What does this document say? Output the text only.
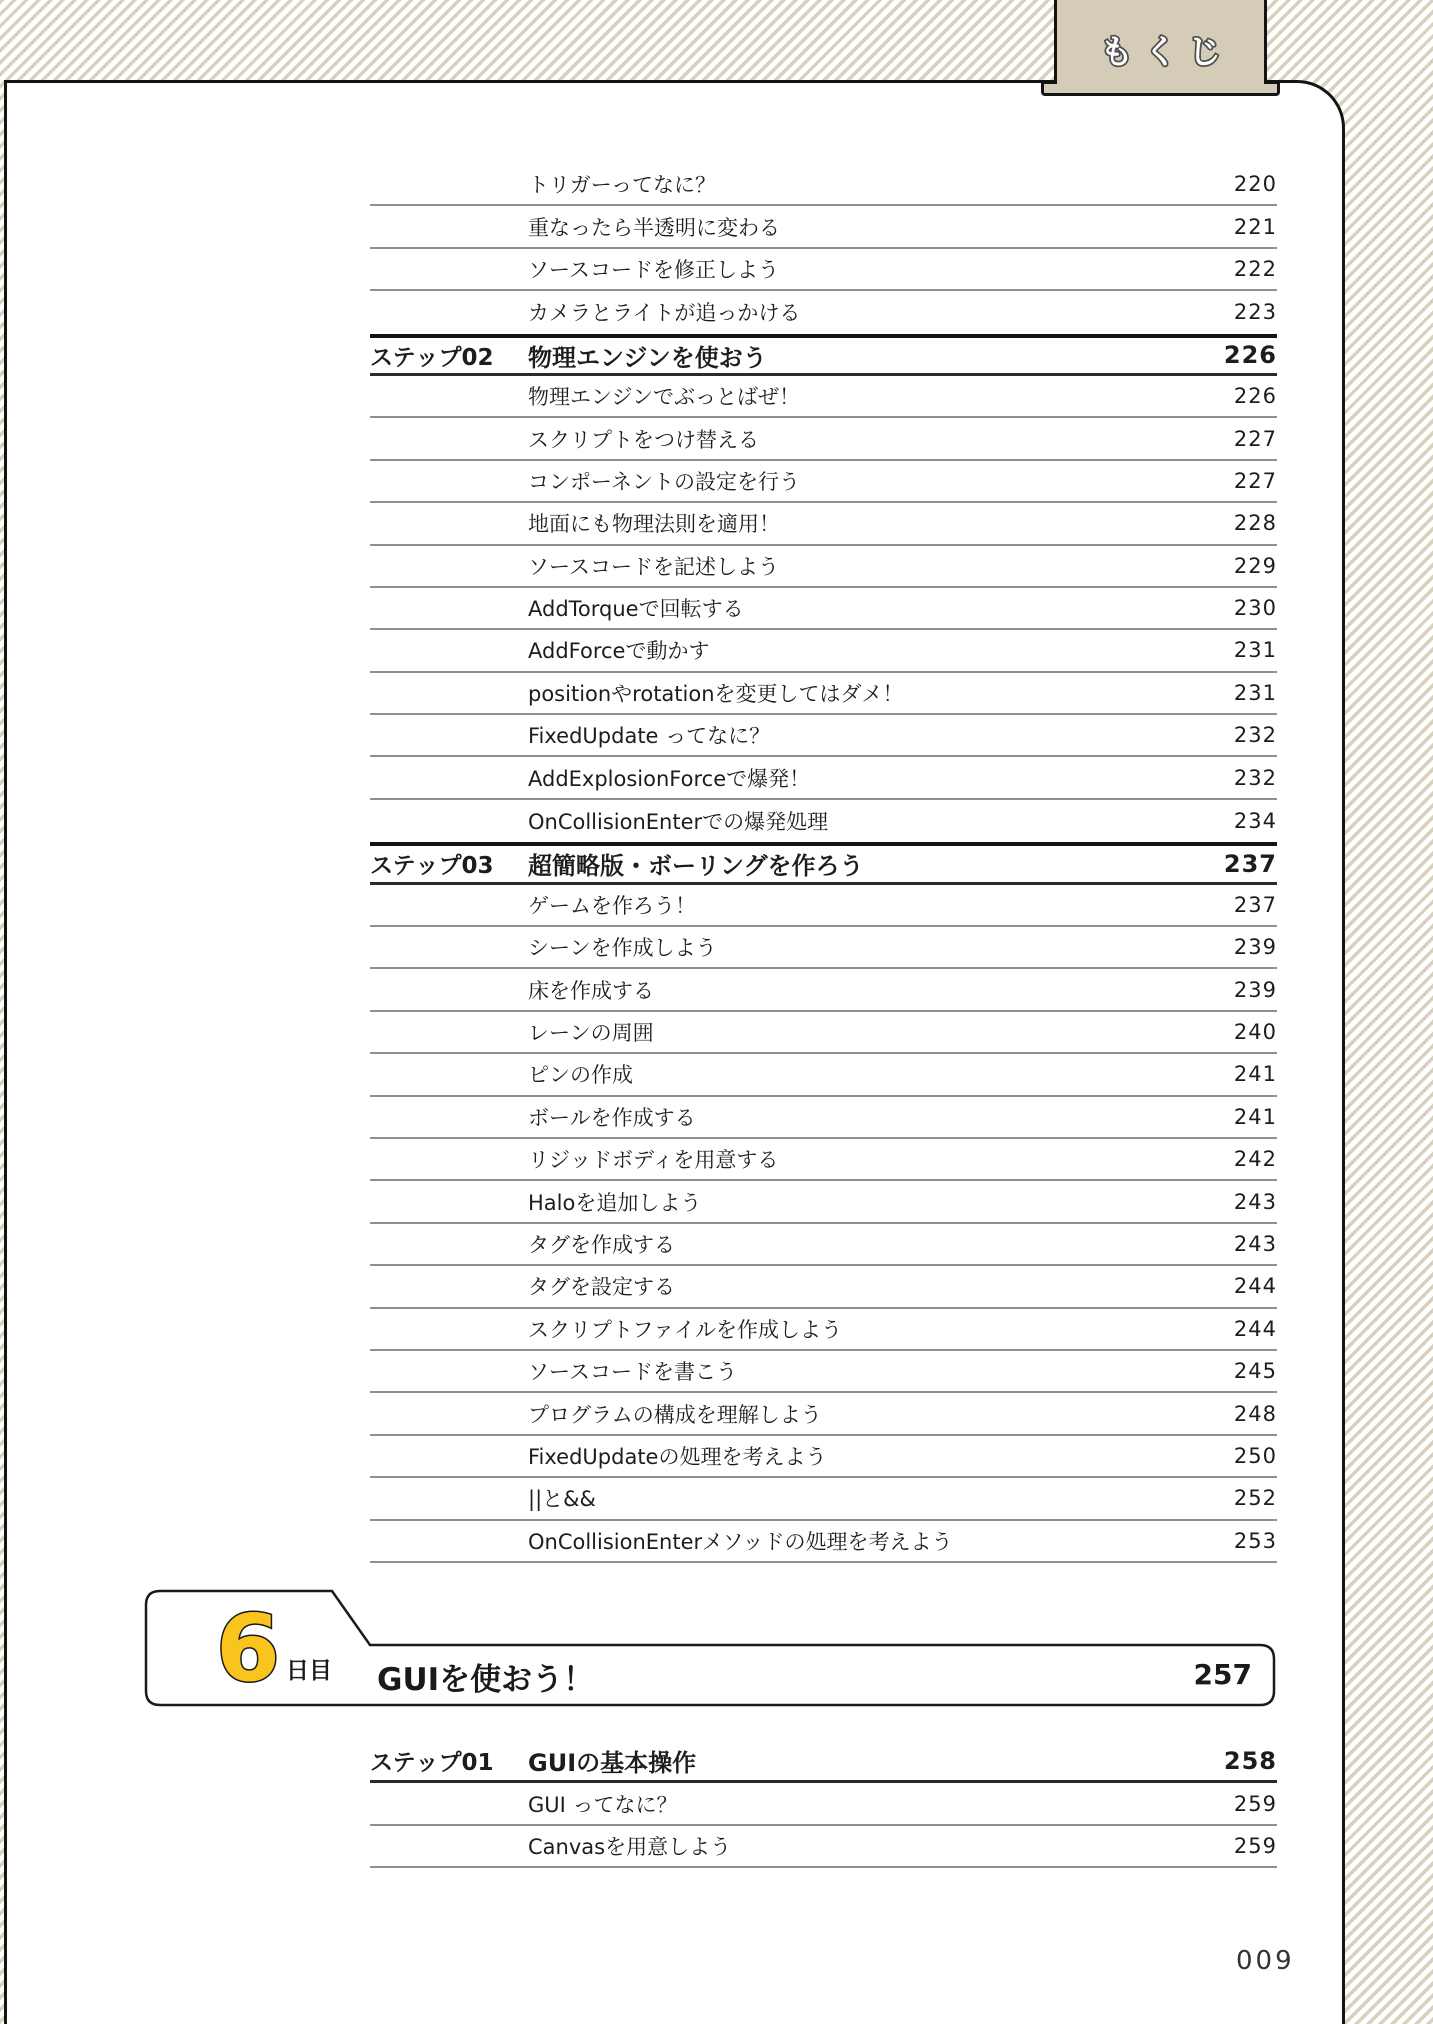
もくじ
トリガーってなに？	220
重なったら半透明に変わる	221
ソースコードを修正しよう	222
カメラとライトが追っかける	223
ステップ02	物理エンジンを使おう	226
物理エンジンでぶっとばぜ！	226
スクリプトをつけ替える	227
コンポーネントの設定を行う	227
地面にも物理法則を適用！	228
ソースコードを記述しよう	229
AddTorqueで回転する	230
AddForceで動かす	231
positionやrotationを変更してはダメ！	231
FixedUpdate ってなに？	232
AddExplosionForceで爆発！	232
OnCollisionEnterでの爆発処理	234
ステップ03	超簡略版・ボーリングを作ろう	237
ゲームを作ろう！	237
シーンを作成しよう	239
床を作成する	239
レーンの周囲	240
ピンの作成	241
ボールを作成する	241
リジッドボディを用意する	242
Haloを追加しよう	243
タグを作成する	243
タグを設定する	244
スクリプトファイルを作成しよう	244
ソースコードを書こう	245
プログラムの構成を理解しよう	248
FixedUpdateの処理を考えよう	250
||と&&	252
OnCollisionEnterメソッドの処理を考えよう	253
6 日目 GUIを使おう！	257
ステップ01	GUIの基本操作	258
GUI ってなに？	259
Canvasを用意しよう	259
009
